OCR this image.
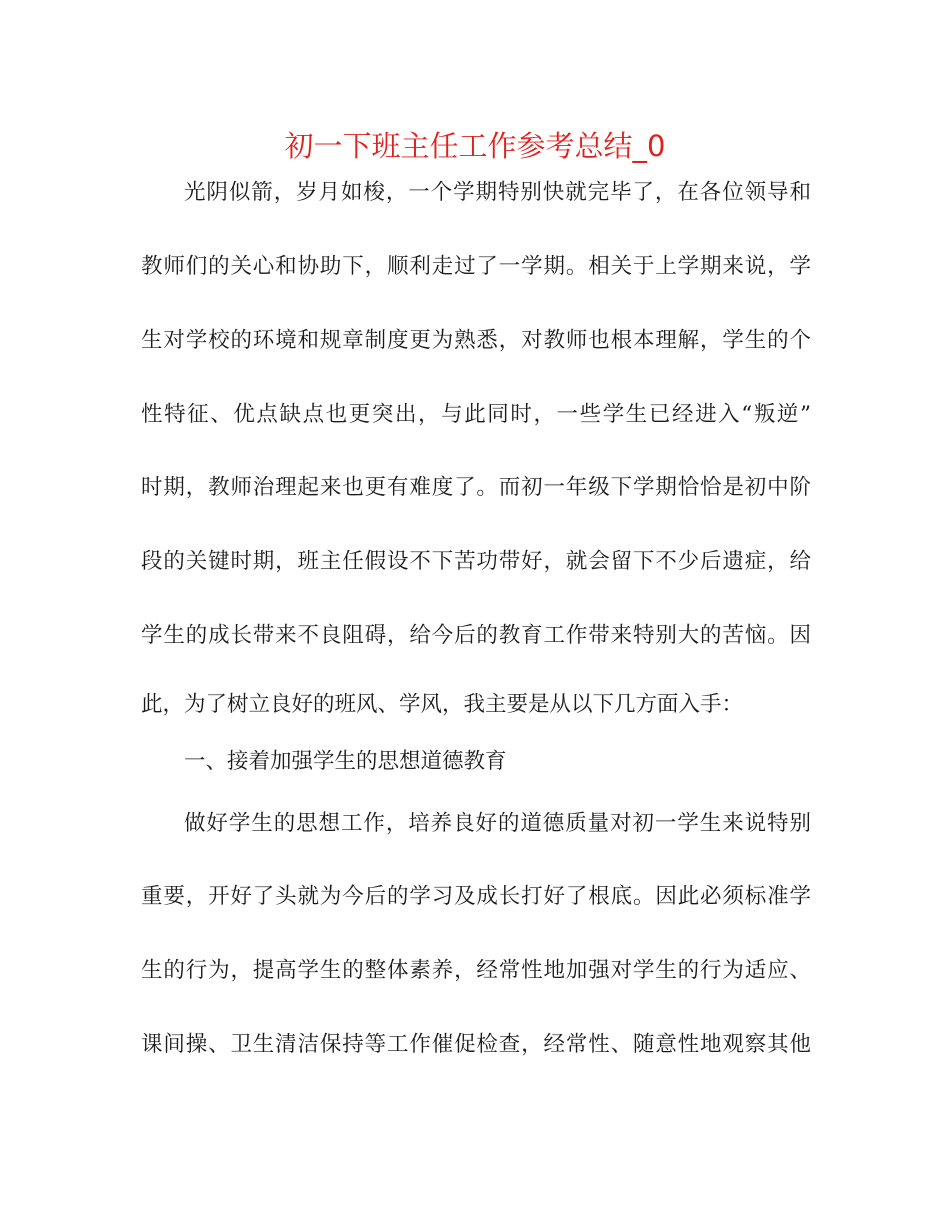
初一下班主任工作参考总结_0
光阴似箭，岁月如梭，一个学期特别快就完毕了，在各位领导和
教师们的关心和协助下，顺利走过了一学期。相关于上学期来说，学
生对学校的环境和规章制度更为熟悉，对教师也根本理解，学生的个
性特征、优点缺点也更突出，与此同时，一些学生已经进入“叛逆”
时期，教师治理起来也更有难度了。而初一年级下学期恰恰是初中阶
段的关键时期，班主任假设不下苦功带好，就会留下不少后遗症，给
学生的成长带来不良阻碍，给今后的教育工作带来特别大的苦恼。因
此，为了树立良好的班风、学风，我主要是从以下几方面入手：
一、接着加强学生的思想道德教育
做好学生的思想工作，培养良好的道德质量对初一学生来说特别
重要，开好了头就为今后的学习及成长打好了根底。因此必须标准学
生的行为，提高学生的整体素养，经常性地加强对学生的行为适应、
课间操、卫生清洁保持等工作催促检查，经常性、随意性地观察其他
